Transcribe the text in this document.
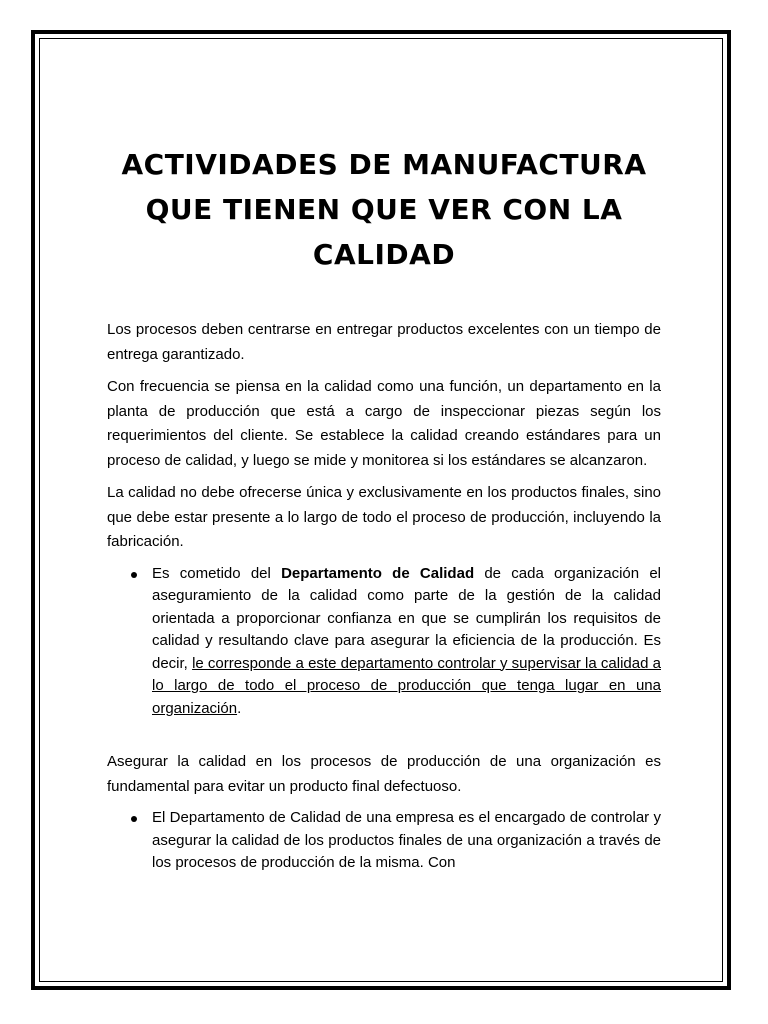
ACTIVIDADES DE MANUFACTURA
QUE TIENEN QUE VER CON LA
CALIDAD

Los procesos deben centrarse en entregar productos excelentes con un tiempo de entrega garantizado.

Con frecuencia se piensa en la calidad como una función, un departamento en la planta de producción que está a cargo de inspeccionar piezas según los requerimientos del cliente. Se establece la calidad creando estándares para un proceso de calidad, y luego se mide y monitorea si los estándares se alcanzaron.

La calidad no debe ofrecerse única y exclusivamente en los productos finales, sino que debe estar presente a lo largo de todo el proceso de producción, incluyendo la fabricación.

Es cometido del Departamento de Calidad de cada organización el aseguramiento de la calidad como parte de la gestión de la calidad orientada a proporcionar confianza en que se cumplirán los requisitos de calidad y resultando clave para asegurar la eficiencia de la producción. Es decir, le corresponde a este departamento controlar y supervisar la calidad a lo largo de todo el proceso de producción que tenga lugar en una organización.

Asegurar la calidad en los procesos de producción de una organización es fundamental para evitar un producto final defectuoso.

El Departamento de Calidad de una empresa es el encargado de controlar y asegurar la calidad de los productos finales de una organización a través de los procesos de producción de la misma. Con
